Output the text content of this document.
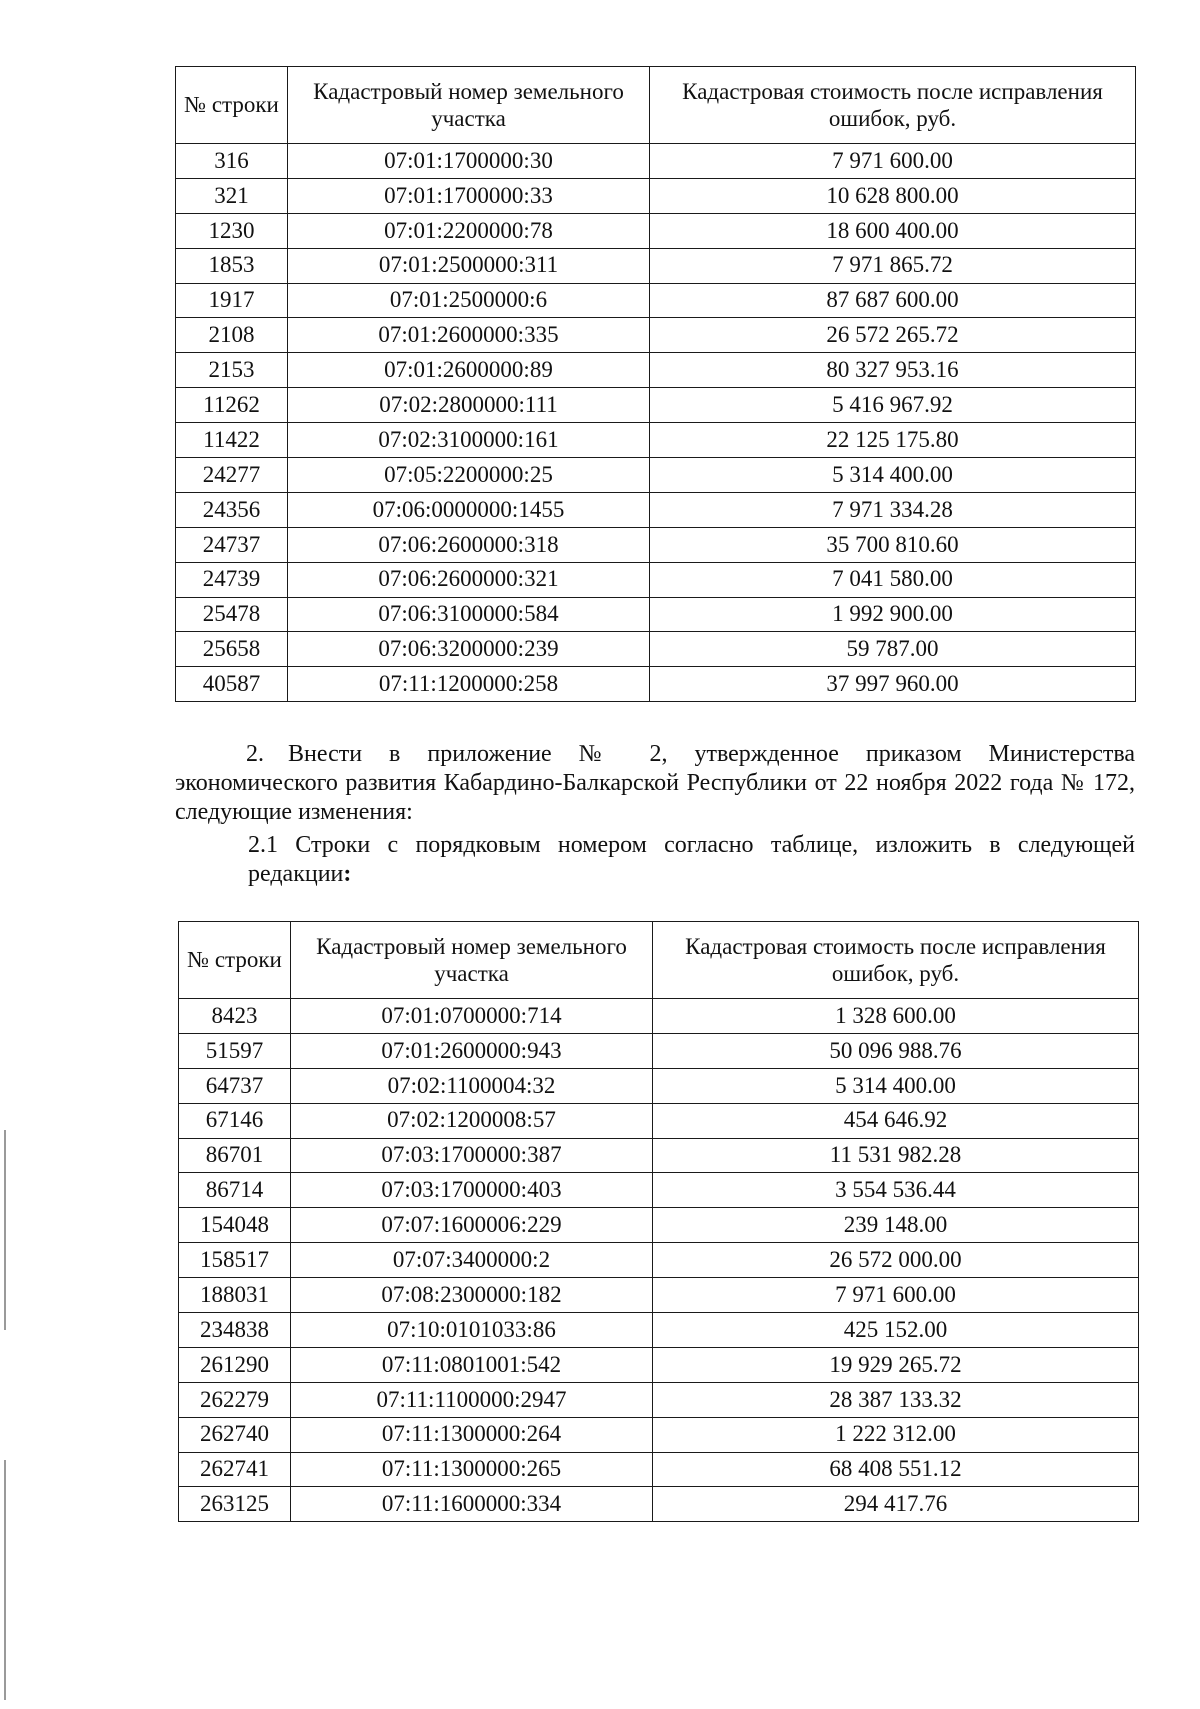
№ строки	Кадастровый номер земельного участка	Кадастровая стоимость после исправления ошибок, руб.
316	07:01:1700000:30	7 971 600.00
321	07:01:1700000:33	10 628 800.00
1230	07:01:2200000:78	18 600 400.00
1853	07:01:2500000:311	7 971 865.72
1917	07:01:2500000:6	87 687 600.00
2108	07:01:2600000:335	26 572 265.72
2153	07:01:2600000:89	80 327 953.16
11262	07:02:2800000:111	5 416 967.92
11422	07:02:3100000:161	22 125 175.80
24277	07:05:2200000:25	5 314 400.00
24356	07:06:0000000:1455	7 971 334.28
24737	07:06:2600000:318	35 700 810.60
24739	07:06:2600000:321	7 041 580.00
25478	07:06:3100000:584	1 992 900.00
25658	07:06:3200000:239	59 787.00
40587	07:11:1200000:258	37 997 960.00
2. Внести в приложение № 2, утвержденное приказом Министерства экономического развития Кабардино-Балкарской Республики от 22 ноября 2022 года № 172, следующие изменения:
2.1 Строки с порядковым номером согласно таблице, изложить в следующей редакции:
№ строки	Кадастровый номер земельного участка	Кадастровая стоимость после исправления ошибок, руб.
8423	07:01:0700000:714	1 328 600.00
51597	07:01:2600000:943	50 096 988.76
64737	07:02:1100004:32	5 314 400.00
67146	07:02:1200008:57	454 646.92
86701	07:03:1700000:387	11 531 982.28
86714	07:03:1700000:403	3 554 536.44
154048	07:07:1600006:229	239 148.00
158517	07:07:3400000:2	26 572 000.00
188031	07:08:2300000:182	7 971 600.00
234838	07:10:0101033:86	425 152.00
261290	07:11:0801001:542	19 929 265.72
262279	07:11:1100000:2947	28 387 133.32
262740	07:11:1300000:264	1 222 312.00
262741	07:11:1300000:265	68 408 551.12
263125	07:11:1600000:334	294 417.76
